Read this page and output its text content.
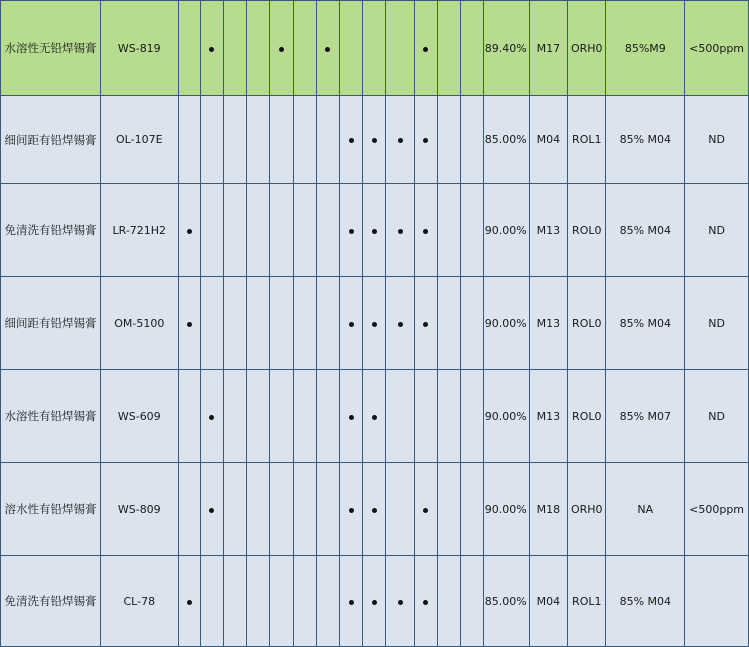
水溶性无铅焊锡膏	WS-819														89.40%	M17	ORH0	85%M9	<500ppm
细间距有铅焊锡膏	OL-107E														85.00%	M04	ROL1	85% M04	ND
免清洗有铅焊锡膏	LR-721H2														90.00%	M13	ROL0	85% M04	ND
细间距有铅焊锡膏	OM-5100														90.00%	M13	ROL0	85% M04	ND
水溶性有铅焊锡膏	WS-609														90.00%	M13	ROL0	85% M07	ND
溶水性有铅焊锡膏	WS-809														90.00%	M18	ORH0	NA	<500ppm
免清洗有铅焊锡膏	CL-78														85.00%	M04	ROL1	85% M04	
